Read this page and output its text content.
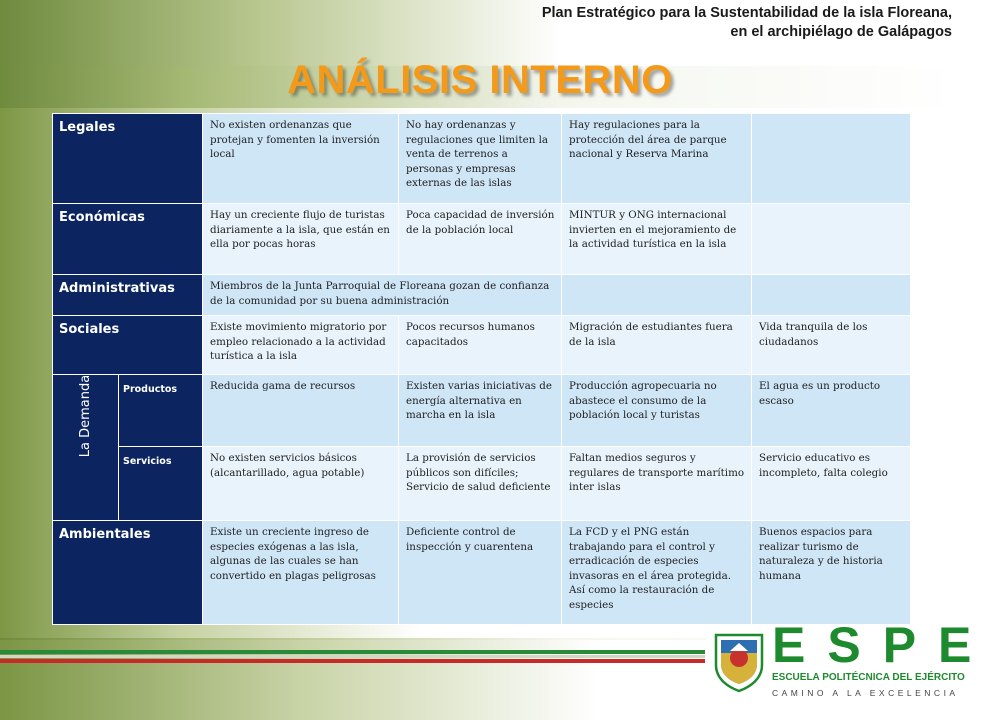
Plan Estratégico para la Sustentabilidad de la isla Floreana,
en el archipiélago de Galápagos
ANÁLISIS INTERNO
Legales		No existen ordenanzas que protejan y fomenten la inversión local	No hay ordenanzas y regulaciones que limiten la venta de terrenos a personas y empresas externas de las islas	Hay regulaciones para la protección del área de parque nacional y Reserva Marina	
Económicas		Hay un creciente flujo de turistas diariamente a la isla, que están en ella por pocas horas	Poca capacidad de inversión de la población local	MINTUR y ONG internacional invierten en el mejoramiento de la actividad turística en la isla	
Administrativas		Miembros de la Junta Parroquial de Floreana gozan de confianza de la comunidad por su buena administración			
Sociales		Existe movimiento migratorio por empleo relacionado a la actividad turística a la isla	Pocos recursos humanos capacitados	Migración de estudiantes fuera de la isla	Vida tranquila de los ciudadanos

La Demanda	Productos	Reducida gama de recursos	Existen varias iniciativas de energía alternativa en marcha en la isla	Producción agropecuaria no abastece el consumo de la población local y turistas	El agua es un producto escaso
	Servicios	No existen servicios básicos (alcantarillado, agua potable)	La provisión de servicios públicos son difíciles; Servicio de salud deficiente	Faltan medios seguros y regulares de transporte marítimo inter islas	Servicio educativo es incompleto, falta colegio
Ambientales		Existe un creciente ingreso de especies exógenas a las isla, algunas de las cuales se han convertido en plagas peligrosas	Deficiente control de inspección y cuarentena	La FCD y el PNG están trabajando para el control y erradicación de especies invasoras en el área protegida. Así como la restauración de especies	Buenos espacios para realizar turismo de naturaleza y de historia humana
ESPE
ESCUELA POLITÉCNICA DEL EJÉRCITO
CAMINO A LA EXCELENCIA
